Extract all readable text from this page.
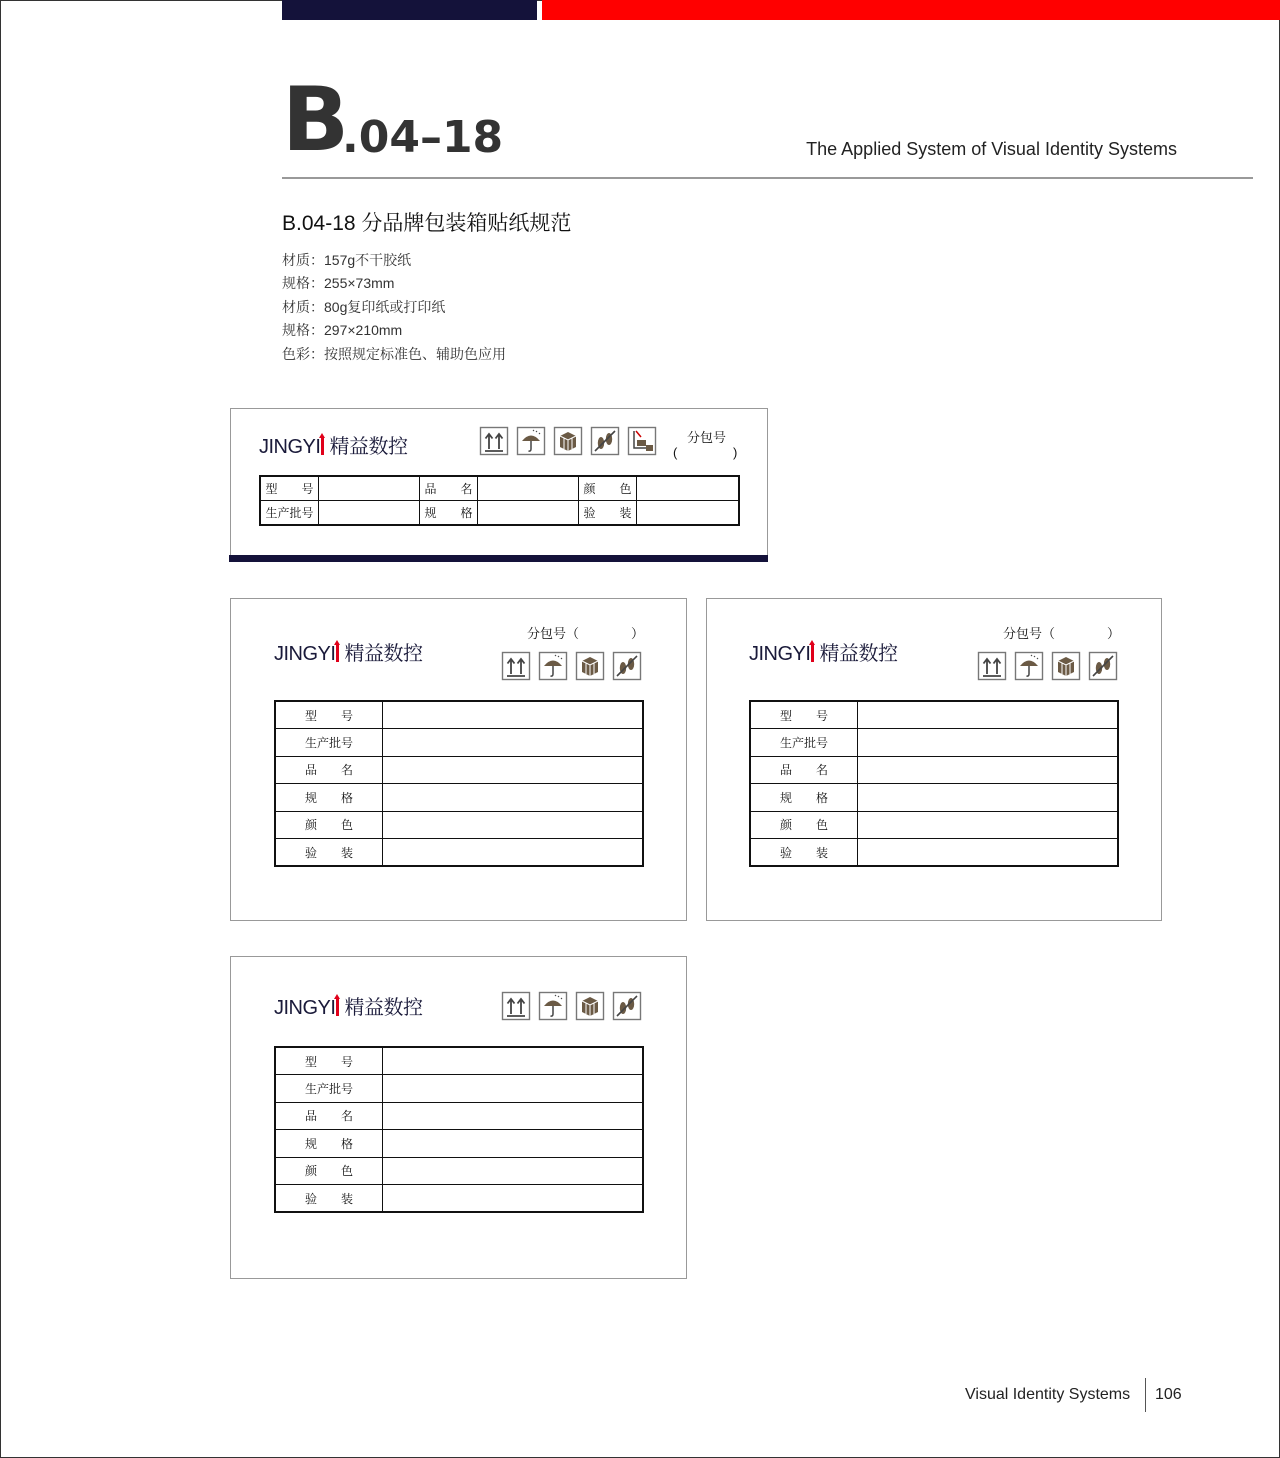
B
.04–18	The Applied System of Visual Identity Systems
B.04-18 分品牌包装箱贴纸规范
材质：157g不干胶纸
规格：255×73mm
材质：80g复印纸或打印纸
规格：297×210mm
色彩：按照规定标准色、辅助色应用
JINGYI 精益数控	分包号
(	)
型　　号		品　　名		颜　　色	
生产批号		规　　格		验　　装	
JINGYI 精益数控
分包号（　　　　）
型　　号	
生产批号	
品　　名	
规　　格	
颜　　色	
验　　装	
JINGYI 精益数控
分包号（　　　　）
型　　号	
生产批号	
品　　名	
规　　格	
颜　　色	
验　　装	
JINGYI 精益数控
型　　号	
生产批号	
品　　名	
规　　格	
颜　　色	
验　　装	
Visual Identity Systems 106
